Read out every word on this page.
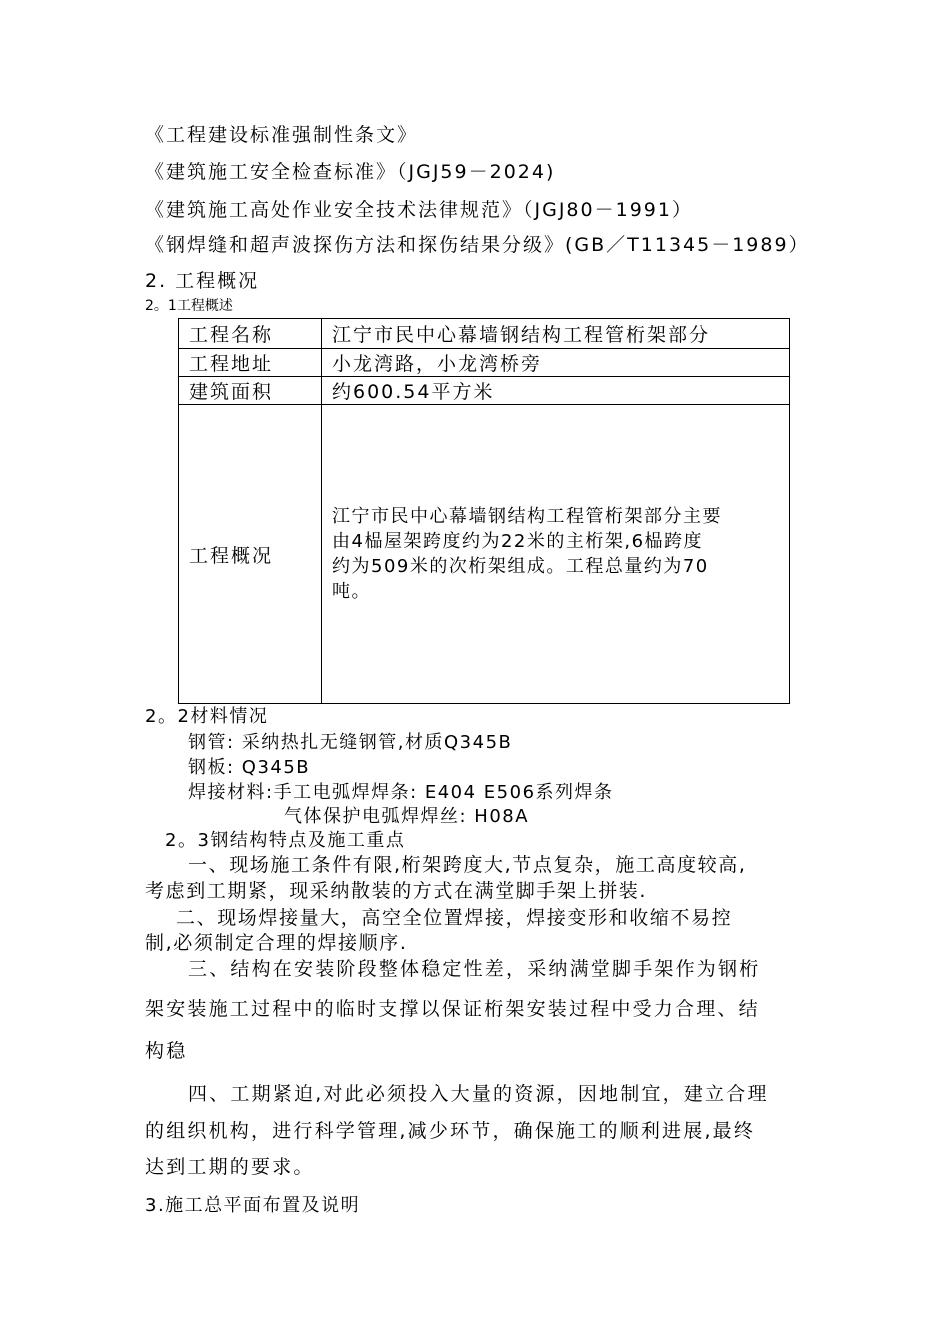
《工程建设标准强制性条文》
《建筑施工安全检查标准》（JGJ59－2024)
《建筑施工高处作业安全技术法律规范》（JGJ80－1991）
《钢焊缝和超声波探伤方法和探伤结果分级》(GB／T11345－1989）
2. 工程概况
2。1工程概述
工程名称	江宁市民中心幕墙钢结构工程管桁架部分
工程地址	小龙湾路，小龙湾桥旁
建筑面积	约600.54平方米
工程概况	江宁市民中心幕墙钢结构工程管桁架部分主要
由4榀屋架跨度约为22米的主桁架,6榀跨度
约为509米的次桁架组成。工程总量约为70
吨。
2。2材料情况
钢管: 采纳热扎无缝钢管,材质Q345B
钢板: Q345B
焊接材料:手工电弧焊焊条: E404 E506系列焊条
气体保护电弧焊焊丝: H08A
2。3钢结构特点及施工重点
一、现场施工条件有限,桁架跨度大,节点复杂，施工高度较高,
考虑到工期紧，现采纳散装的方式在满堂脚手架上拼装.
二、现场焊接量大，高空全位置焊接，焊接变形和收缩不易控
制,必须制定合理的焊接顺序.
三、结构在安装阶段整体稳定性差，采纳满堂脚手架作为钢桁
架安装施工过程中的临时支撑以保证桁架安装过程中受力合理、结
构稳
四、工期紧迫,对此必须投入大量的资源，因地制宜，建立合理
的组织机构，进行科学管理,减少环节，确保施工的顺利进展,最终
达到工期的要求。
3.施工总平面布置及说明
